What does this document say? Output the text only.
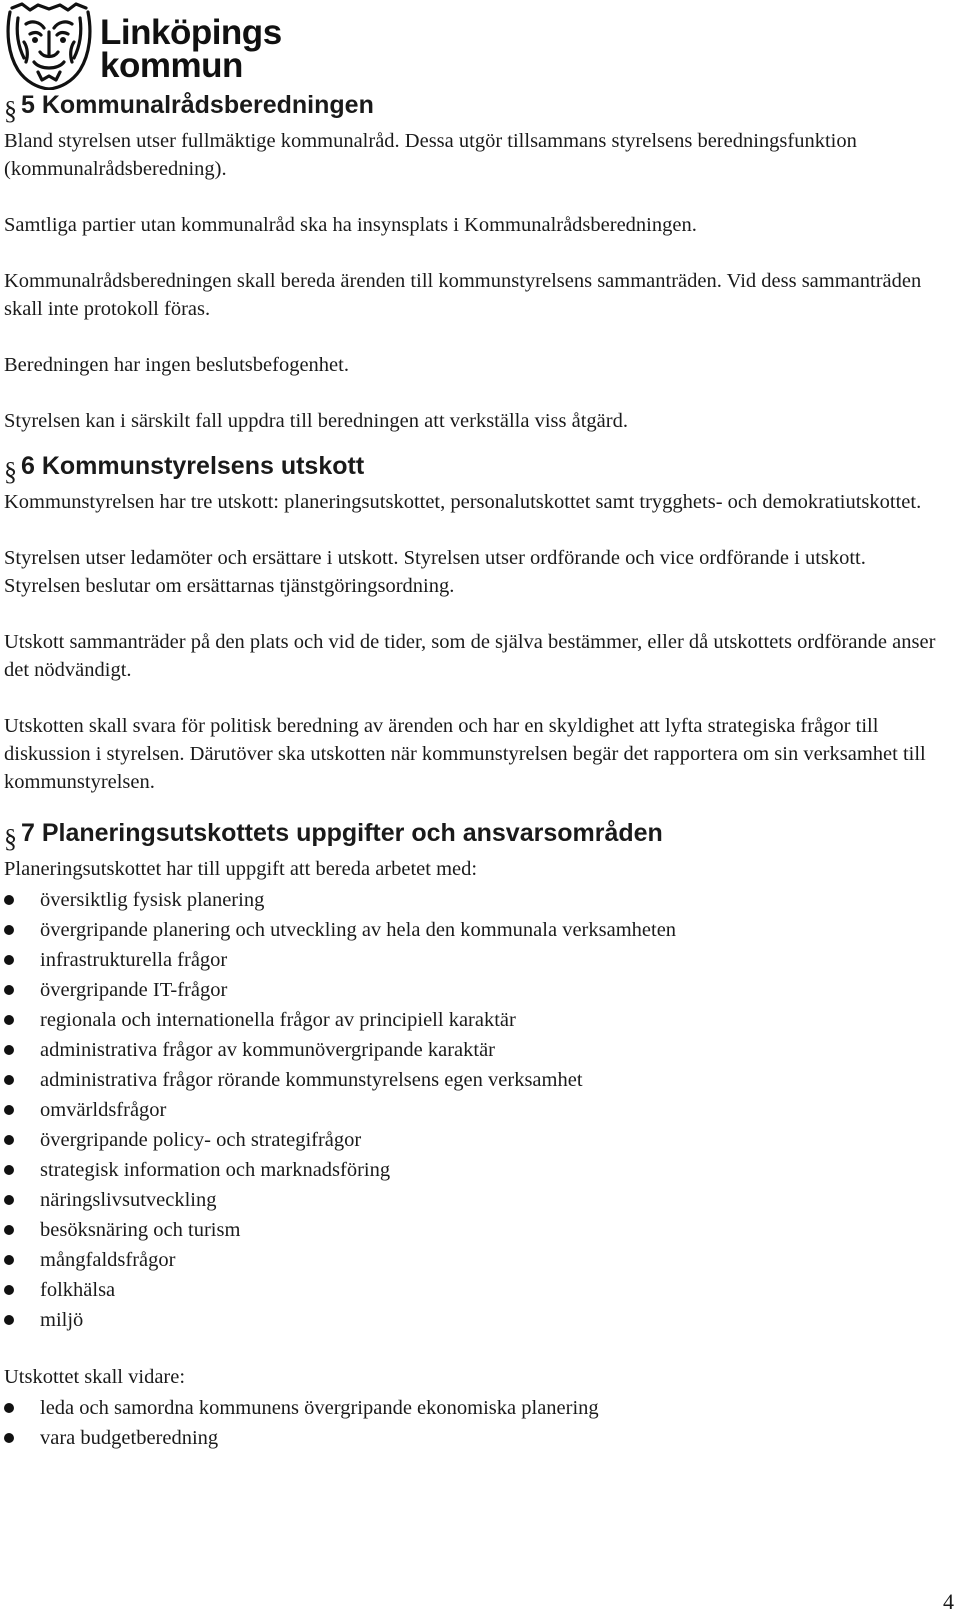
Linköpings
kommun
§ 5 Kommunalrådsberedningen

Bland styrelsen utser fullmäktige kommunalråd. Dessa utgör tillsammans styrelsens beredningsfunktion (kommunalrådsberedning).

Samtliga partier utan kommunalråd ska ha insynsplats i Kommunalrådsberedningen.

Kommunalrådsberedningen skall bereda ärenden till kommunstyrelsens sammanträden. Vid dess sammanträden skall inte protokoll föras.

Beredningen har ingen beslutsbefogenhet.

Styrelsen kan i särskilt fall uppdra till beredningen att verkställa viss åtgärd.

§ 6 Kommunstyrelsens utskott

Kommunstyrelsen har tre utskott: planeringsutskottet, personalutskottet samt trygghets- och demokratiutskottet.

Styrelsen utser ledamöter och ersättare i utskott. Styrelsen utser ordförande och vice ordförande i utskott. Styrelsen beslutar om ersättarnas tjänstgöringsordning.

Utskott sammanträder på den plats och vid de tider, som de själva bestämmer, eller då utskottets ordförande anser det nödvändigt.

Utskotten skall svara för politisk beredning av ärenden och har en skyldighet att lyfta strategiska frågor till diskussion i styrelsen. Därutöver ska utskotten när kommunstyrelsen begär det rapportera om sin verksamhet till kommunstyrelsen.

§ 7 Planeringsutskottets uppgifter och ansvarsområden

Planeringsutskottet har till uppgift att bereda arbetet med:

översiktlig fysisk planering
övergripande planering och utveckling av hela den kommunala verksamheten
infrastrukturella frågor
övergripande IT-frågor
regionala och internationella frågor av principiell karaktär
administrativa frågor av kommunövergripande karaktär
administrativa frågor rörande kommunstyrelsens egen verksamhet
omvärldsfrågor
övergripande policy- och strategifrågor
strategisk information och marknadsföring
näringslivsutveckling
besöksnäring och turism
mångfaldsfrågor
folkhälsa
miljö

Utskottet skall vidare:

leda och samordna kommunens övergripande ekonomiska planering
vara budgetberedning
4
